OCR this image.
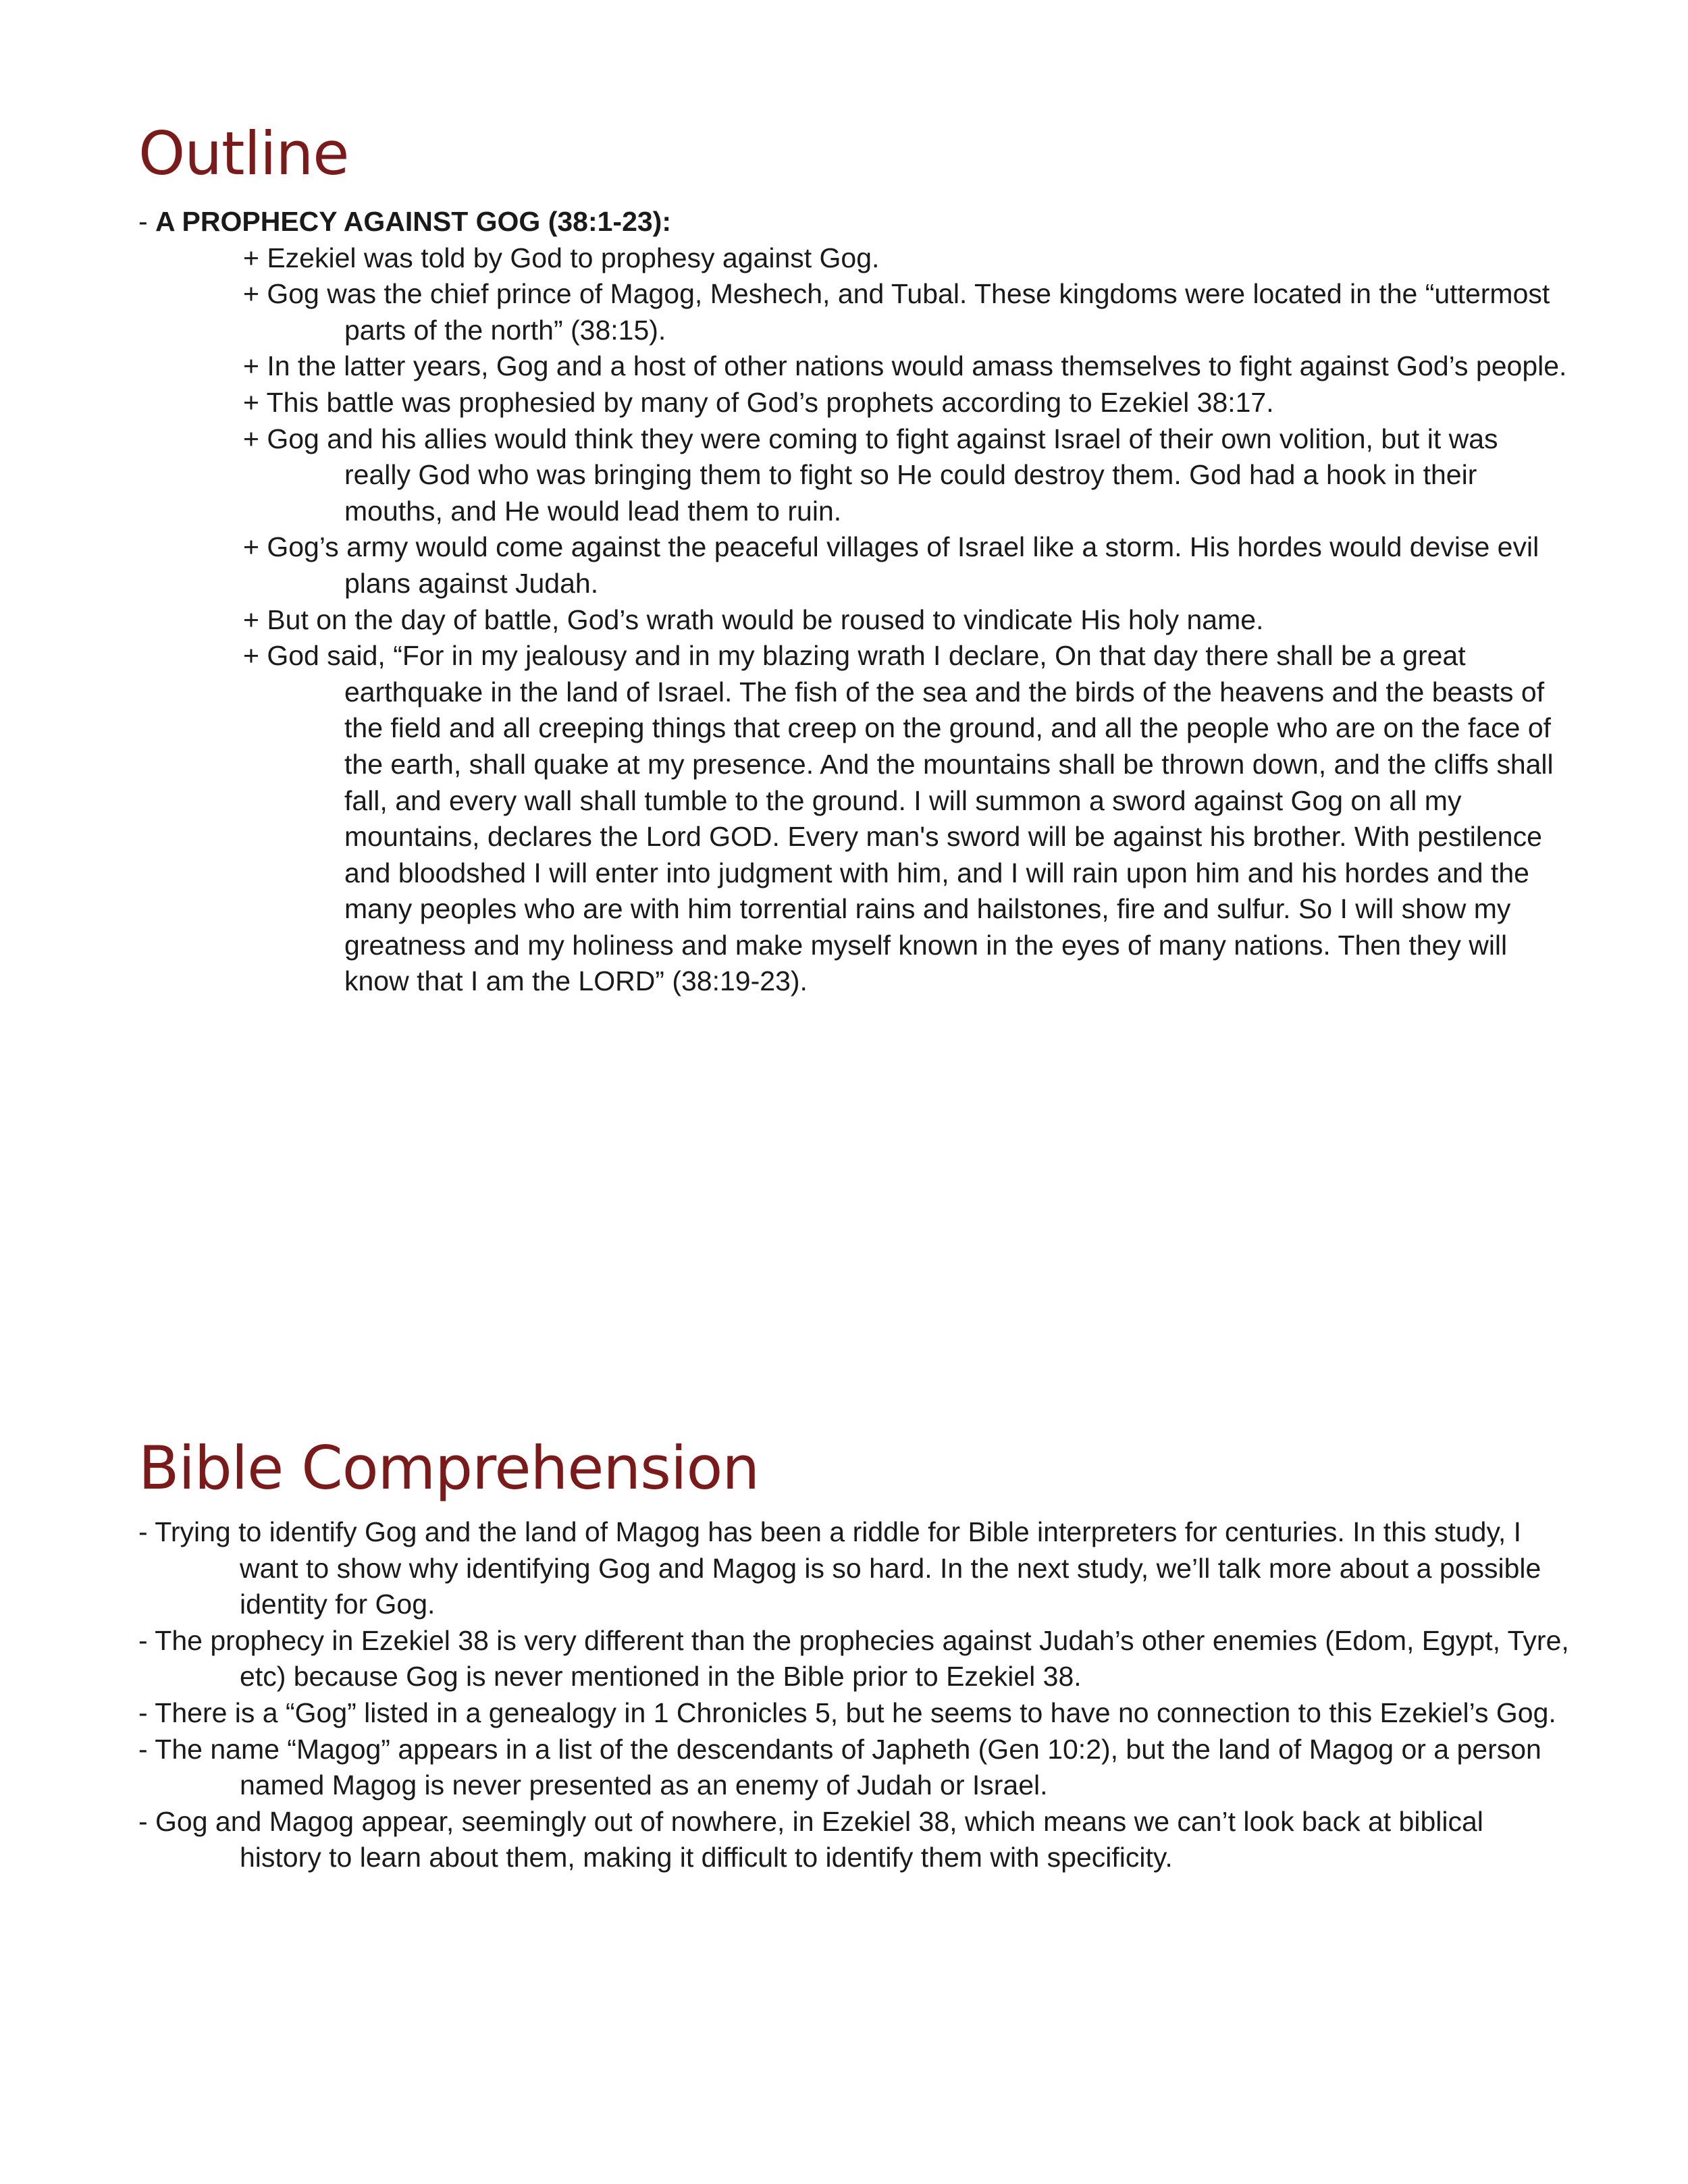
Outline

- A PROPHECY AGAINST GOG (38:1-23):

+ Ezekiel was told by God to prophesy against Gog.

+ Gog was the chief prince of Magog, Meshech, and Tubal. These kingdoms were located in the “uttermost parts of the north” (38:15).

+ In the latter years, Gog and a host of other nations would amass themselves to fight against God’s people.

+ This battle was prophesied by many of God’s prophets according to Ezekiel 38:17.

+ Gog and his allies would think they were coming to fight against Israel of their own volition, but it was really God who was bringing them to fight so He could destroy them. God had a hook in their mouths, and He would lead them to ruin.

+ Gog’s army would come against the peaceful villages of Israel like a storm. His hordes would devise evil plans against Judah.

+ But on the day of battle, God’s wrath would be roused to vindicate His holy name.

+ God said, “For in my jealousy and in my blazing wrath I declare, On that day there shall be a great earthquake in the land of Israel. The fish of the sea and the birds of the heavens and the beasts of the field and all creeping things that creep on the ground, and all the people who are on the face of the earth, shall quake at my presence. And the mountains shall be thrown down, and the cliffs shall fall, and every wall shall tumble to the ground. I will summon a sword against Gog on all my mountains, declares the Lord GOD. Every man's sword will be against his brother. With pestilence and bloodshed I will enter into judgment with him, and I will rain upon him and his hordes and the many peoples who are with him torrential rains and hailstones, fire and sulfur. So I will show my greatness and my holiness and make myself known in the eyes of many nations. Then they will know that I am the LORD” (38:19-23).

Bible Comprehension

- Trying to identify Gog and the land of Magog has been a riddle for Bible interpreters for centuries. In this study, I want to show why identifying Gog and Magog is so hard. In the next study, we’ll talk more about a possible identity for Gog.

- The prophecy in Ezekiel 38 is very different than the prophecies against Judah’s other enemies (Edom, Egypt, Tyre, etc) because Gog is never mentioned in the Bible prior to Ezekiel 38.

- There is a “Gog” listed in a genealogy in 1 Chronicles 5, but he seems to have no connection to this Ezekiel’s Gog.

- The name “Magog” appears in a list of the descendants of Japheth (Gen 10:2), but the land of Magog or a person named Magog is never presented as an enemy of Judah or Israel.

- Gog and Magog appear, seemingly out of nowhere, in Ezekiel 38, which means we can’t look back at biblical history to learn about them, making it difficult to identify them with specificity.
